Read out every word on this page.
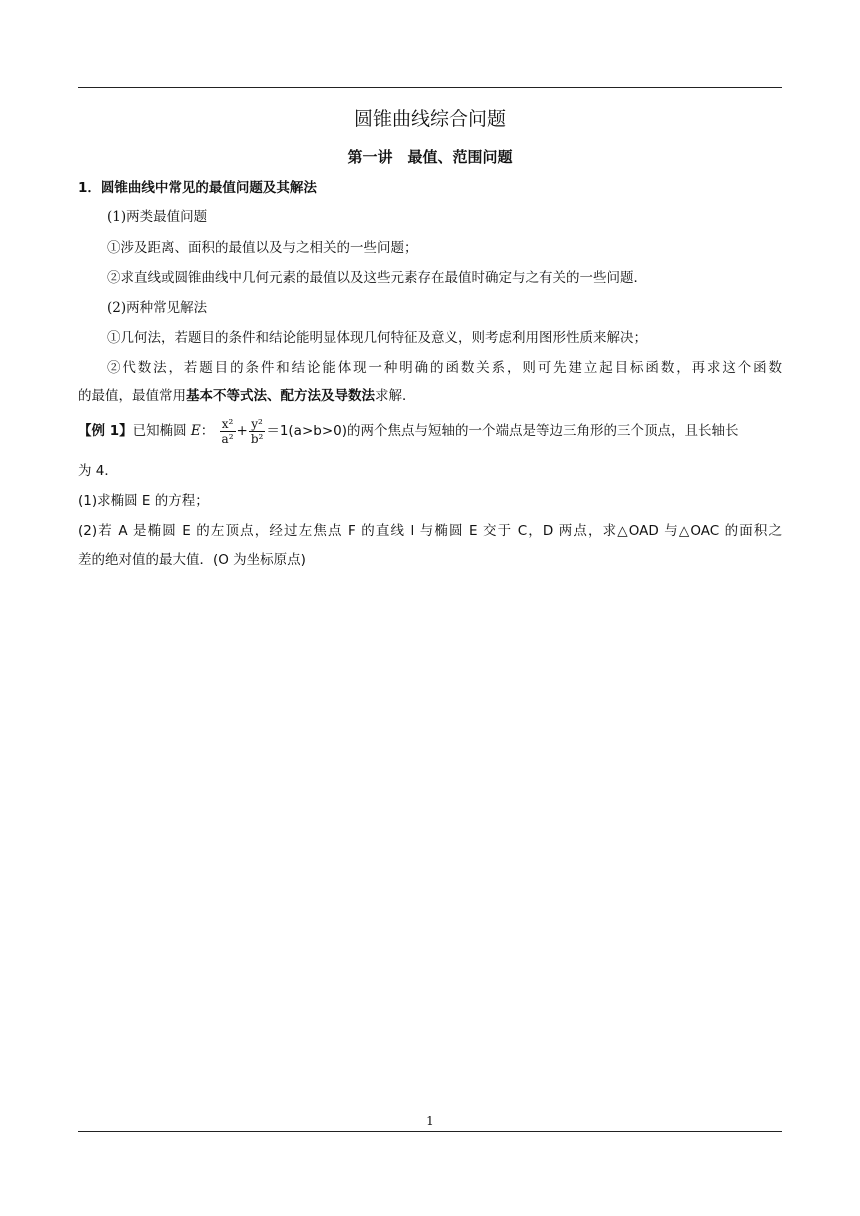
圆锥曲线综合问题
第一讲　最值、范围问题
1．圆锥曲线中常见的最值问题及其解法
(1)两类最值问题
①涉及距离、面积的最值以及与之相关的一些问题；
②求直线或圆锥曲线中几何元素的最值以及这些元素存在最值时确定与之有关的一些问题．
(2)两种常见解法
①几何法，若题目的条件和结论能明显体现几何特征及意义，则考虑利用图形性质来解决；
②代数法，若题目的条件和结论能体现一种明确的函数关系，则可先建立起目标函数，再求这个函数
的最值，最值常用基本不等式法、配方法及导数法求解．
【例 1】已知椭圆 E： $\frac{\text{x²}}{\text{a²}} + \frac{\text{y²}}{\text{b²}} =1(a>b>0)$的两个焦点与短轴的一个端点是等边三角形的三个顶点，且长轴长
为 4．
(1)求椭圆 E 的方程；
(2)若 A 是椭圆 E 的左顶点，经过左焦点 F 的直线 l 与椭圆 E 交于 C，D 两点，求△OAD 与△OAC 的面积之
差的绝对值的最大值．(O 为坐标原点)
1
